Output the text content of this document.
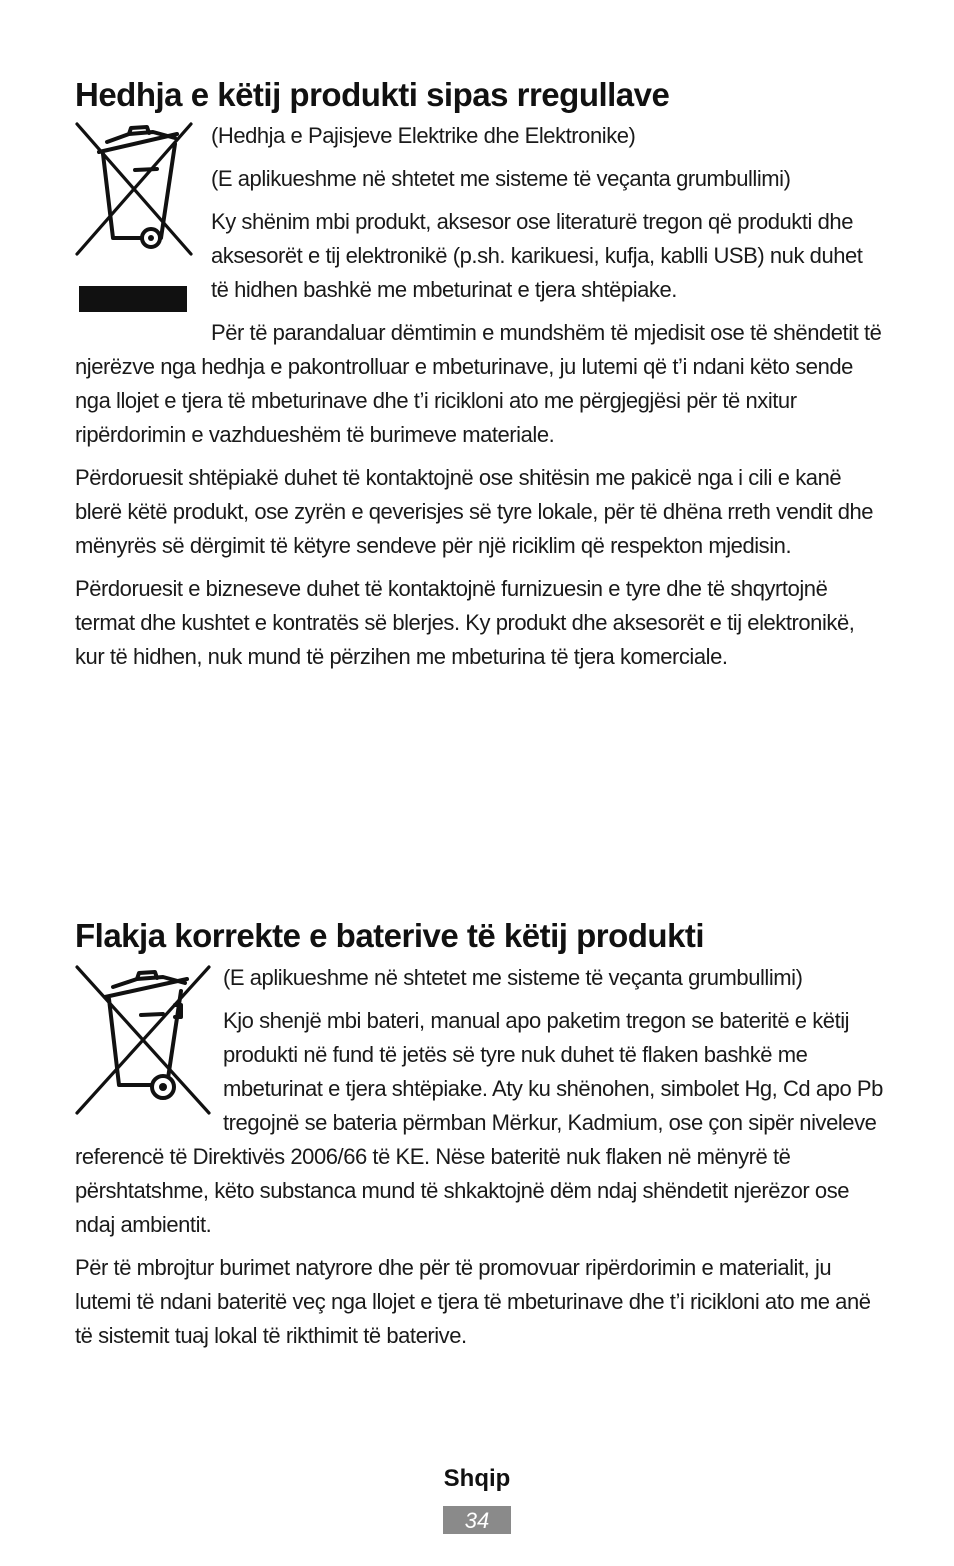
Hedhja e këtij produkti sipas rregullave

(Hedhja e Pajisjeve Elektrike dhe Elektronike)

(E aplikueshme në shtetet me sisteme të veçanta grumbullimi)

Ky shënim mbi produkt, aksesor ose literaturë tregon që produkti dhe aksesorët e tij elektronikë (p.sh. karikuesi, kufja, kablli USB) nuk duhet të hidhen bashkë me mbeturinat e tjera shtëpiake.

Për të parandaluar dëmtimin e mundshëm të mjedisit ose të shëndetit të njerëzve nga hedhja e pakontrolluar e mbeturinave, ju lutemi që t’i ndani këto sende nga llojet e tjera të mbeturinave dhe t’i ricikloni ato me përgjegjësi për të nxitur ripërdorimin e vazhdueshëm të burimeve materiale.

Përdoruesit shtëpiakë duhet të kontaktojnë ose shitësin me pakicë nga i cili e kanë blerë këtë produkt, ose zyrën e qeverisjes së tyre lokale, për të dhëna rreth vendit dhe mënyrës së dërgimit të këtyre sendeve për një riciklim që respekton mjedisin.

Përdoruesit e bizneseve duhet të kontaktojnë furnizuesin e tyre dhe të shqyrtojnë termat dhe kushtet e kontratës së blerjes. Ky produkt dhe aksesorët e tij elektronikë, kur të hidhen, nuk mund të përzihen me mbeturina të tjera komerciale.

Flakja korrekte e baterive të këtij produkti

(E aplikueshme në shtetet me sisteme të veçanta grumbullimi)

Kjo shenjë mbi bateri, manual apo paketim tregon se bateritë e këtij produkti në fund të jetës së tyre nuk duhet të flaken bashkë me mbeturinat e tjera shtëpiake. Aty ku shënohen, simbolet Hg, Cd apo Pb tregojnë se bateria përmban Mërkur, Kadmium, ose çon sipër niveleve referencë të Direktivës 2006/66 të KE. Nëse bateritë nuk flaken në mënyrë të përshtatshme, këto substanca mund të shkaktojnë dëm ndaj shëndetit njerëzor ose ndaj ambientit.

Për të mbrojtur burimet natyrore dhe për të promovuar ripërdorimin e materialit, ju lutemi të ndani bateritë veç nga llojet e tjera të mbeturinave dhe t’i ricikloni ato me anë të sistemit tuaj lokal të rikthimit të baterive.

Shqip
34
